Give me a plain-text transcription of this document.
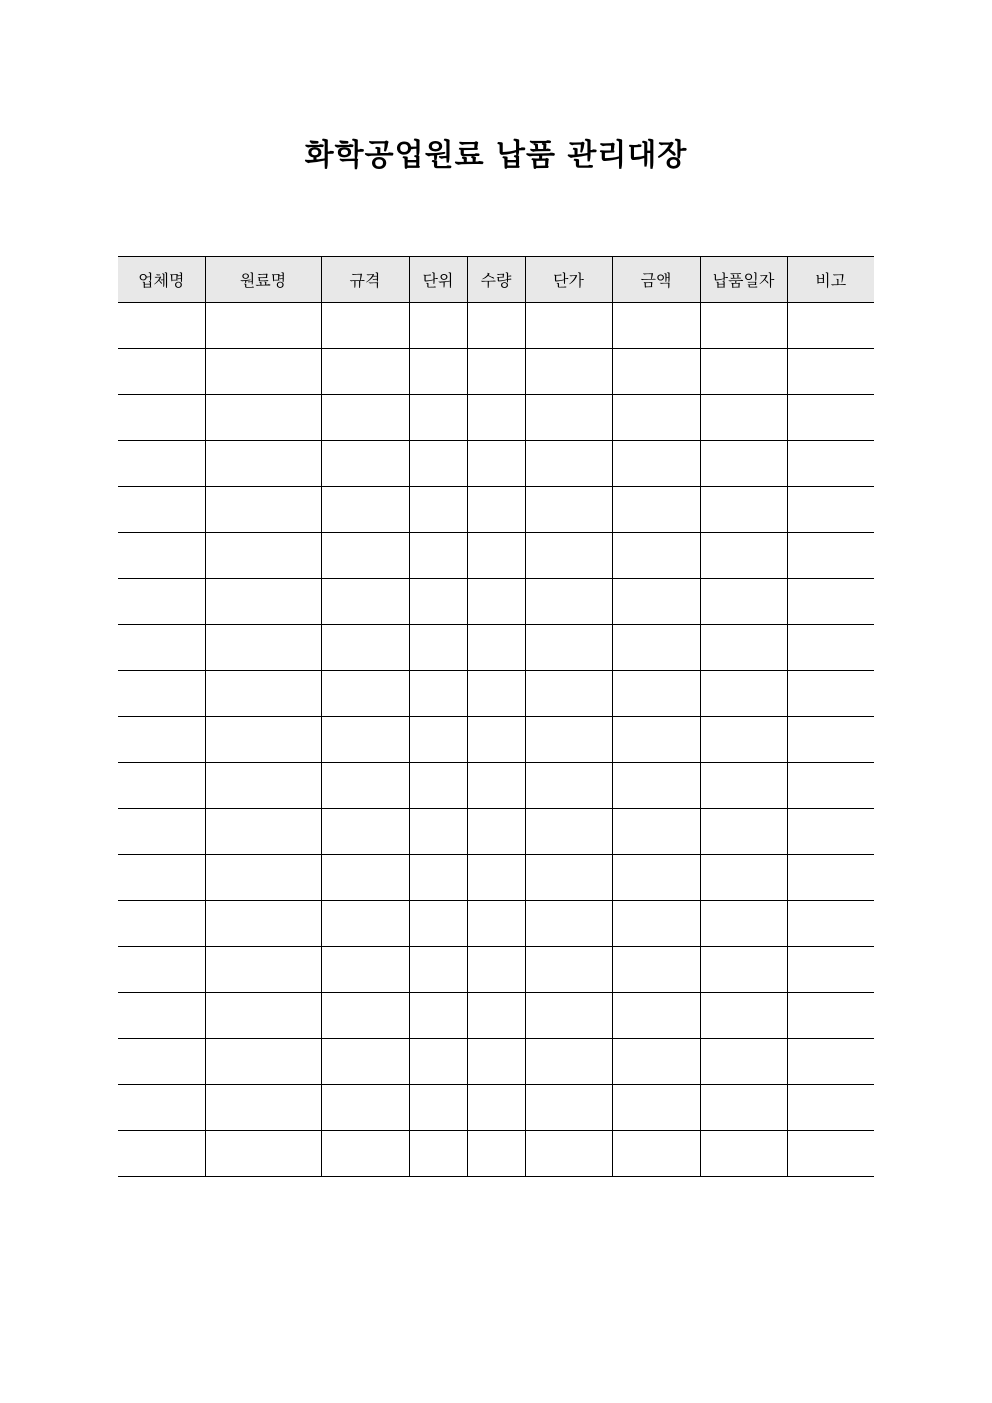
화학공업원료 납품 관리대장
업체명	원료명	규격	단위	수량	단가	금액	납품일자	비고
